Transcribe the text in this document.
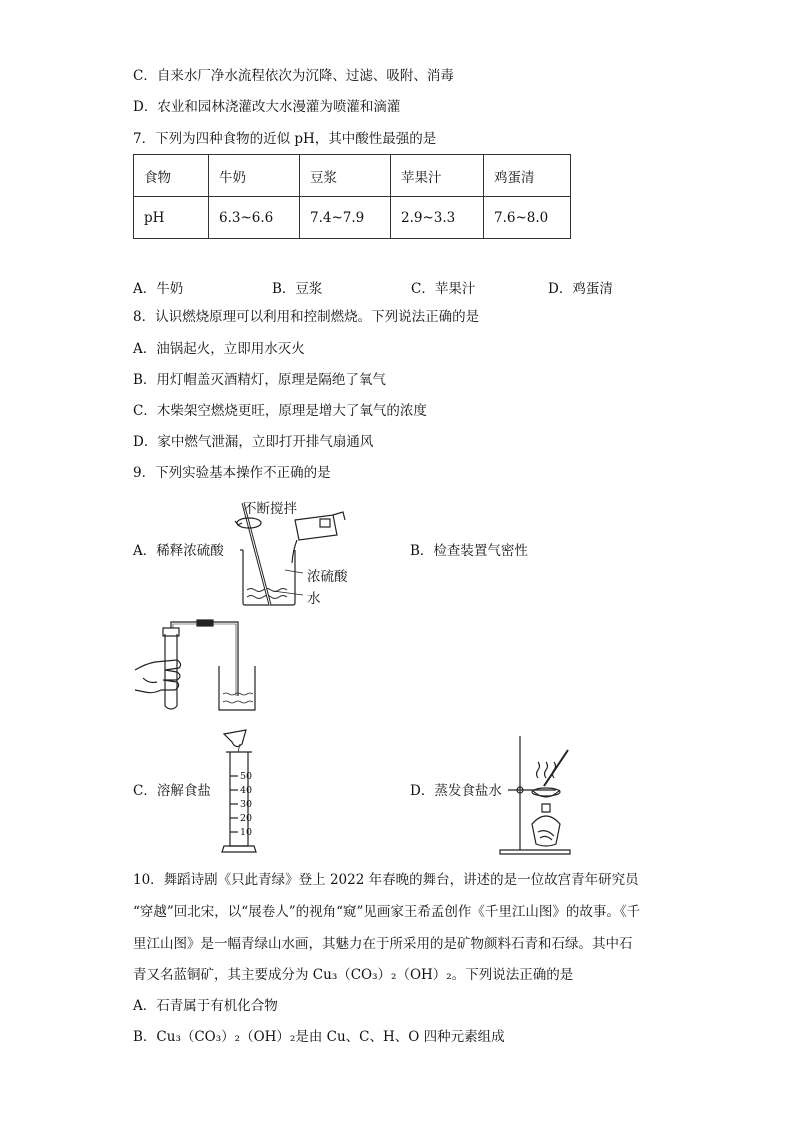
C．自来水厂净水流程依次为沉降、过滤、吸附、消毒
D．农业和园林浇灌改大水漫灌为喷灌和滴灌
7．下列为四种食物的近似 pH，其中酸性最强的是
食物	牛奶	豆浆	苹果汁	鸡蛋清
pH	6.3~6.6	7.4~7.9	2.9~3.3	7.6~8.0
A．牛奶	B．豆浆	C．苹果汁	D．鸡蛋清
8．认识燃烧原理可以利用和控制燃烧。下列说法正确的是
A．油锅起火，立即用水灭火
B．用灯帽盖灭酒精灯，原理是隔绝了氧气
C．木柴架空燃烧更旺，原理是增大了氧气的浓度
D．家中燃气泄漏，立即打开排气扇通风
9．下列实验基本操作不正确的是
A．稀释浓硫酸	B．检查装置气密性
不断搅拌
浓硫酸
水
C．溶解食盐
50
40
30
20
10
D．蒸发食盐水
10．舞蹈诗剧《只此青绿》登上 2022 年春晚的舞台，讲述的是一位故宫青年研究员
“穿越”回北宋，以“展卷人”的视角“窥”见画家王希孟创作《千里江山图》的故事。《千
里江山图》是一幅青绿山水画，其魅力在于所采用的是矿物颜料石青和石绿。其中石
青又名蓝铜矿，其主要成分为 Cu₃（CO₃）₂（OH）₂。下列说法正确的是
A．石青属于有机化合物
B．Cu₃（CO₃）₂（OH）₂是由 Cu、C、H、O 四种元素组成
